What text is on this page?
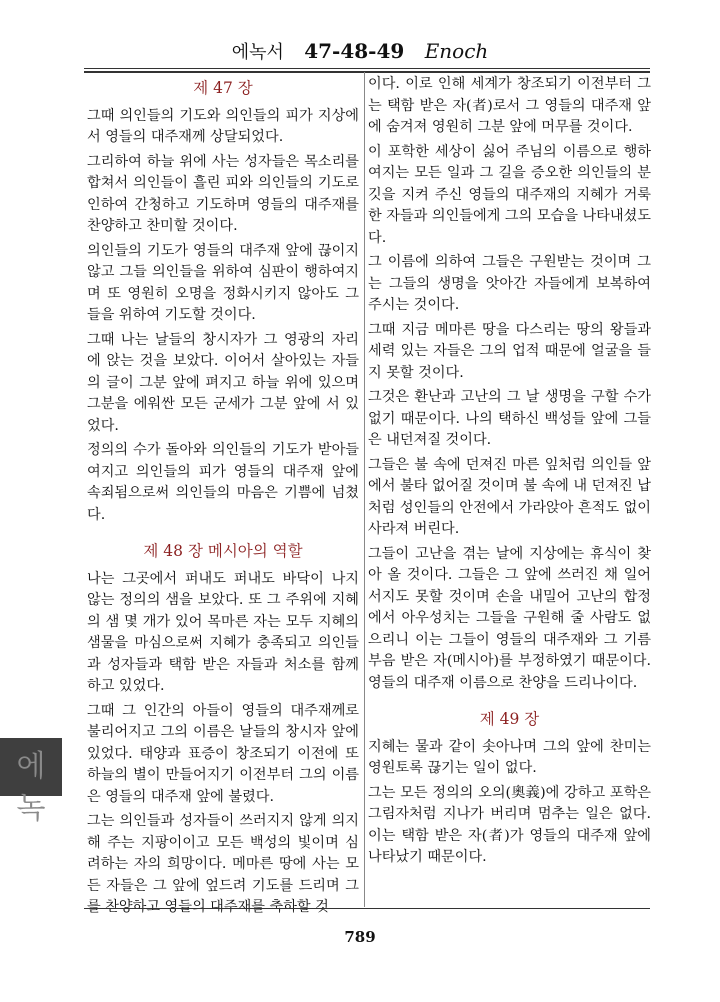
에녹서 47-48-49 Enoch
제 47 장

그때 의인들의 기도와 의인들의 피가 지상에서 영들의 대주재께 상달되었다.

그리하여 하늘 위에 사는 성자들은 목소리를 합쳐서 의인들이 흘린 피와 의인들의 기도로 인하여 간청하고 기도하며 영들의 대주재를 찬양하고 찬미할 것이다.

의인들의 기도가 영들의 대주재 앞에 끊이지 않고 그들 의인들을 위하여 심판이 행하여지며 또 영원히 오명을 정화시키지 않아도 그들을 위하여 기도할 것이다.

그때 나는 날들의 창시자가 그 영광의 자리에 앉는 것을 보았다. 이어서 살아있는 자들의 글이 그분 앞에 펴지고 하늘 위에 있으며 그분을 에워싼 모든 군세가 그분 앞에 서 있었다.

정의의 수가 돌아와 의인들의 기도가 받아들여지고 의인들의 피가 영들의 대주재 앞에 속죄됨으로써 의인들의 마음은 기쁨에 넘쳤다.

제 48 장 메시아의 역할

나는 그곳에서 퍼내도 퍼내도 바닥이 나지 않는 정의의 샘을 보았다. 또 그 주위에 지혜의 샘 몇 개가 있어 목마른 자는 모두 지혜의 샘물을 마심으로써 지혜가 충족되고 의인들과 성자들과 택함 받은 자들과 처소를 함께 하고 있었다.

그때 그 인간의 아들이 영들의 대주재께로 불리어지고 그의 이름은 날들의 창시자 앞에 있었다. 태양과 표증이 창조되기 이전에 또 하늘의 별이 만들어지기 이전부터 그의 이름은 영들의 대주재 앞에 불렸다.

그는 의인들과 성자들이 쓰러지지 않게 의지해 주는 지팡이이고 모든 백성의 빛이며 심려하는 자의 희망이다. 메마른 땅에 사는 모든 자들은 그 앞에 엎드려 기도를 드리며 그를 찬양하고 영들의 대주재를 축하할 것

이다. 이로 인해 세계가 창조되기 이전부터 그는 택함 받은 자(者)로서 그 영들의 대주재 앞에 숨겨져 영원히 그분 앞에 머무를 것이다.

이 포학한 세상이 싫어 주님의 이름으로 행하여지는 모든 일과 그 길을 증오한 의인들의 분깃을 지켜 주신 영들의 대주재의 지혜가 거룩한 자들과 의인들에게 그의 모습을 나타내셨도다.

그 이름에 의하여 그들은 구원받는 것이며 그는 그들의 생명을 앗아간 자들에게 보복하여 주시는 것이다.

그때 지금 메마른 땅을 다스리는 땅의 왕들과 세력 있는 자들은 그의 업적 때문에 얼굴을 들지 못할 것이다.

그것은 환난과 고난의 그 날 생명을 구할 수가 없기 때문이다. 나의 택하신 백성들 앞에 그들은 내던져질 것이다.

그들은 불 속에 던져진 마른 잎처럼 의인들 앞에서 불타 없어질 것이며 불 속에 내 던져진 납처럼 성인들의 안전에서 가라앉아 흔적도 없이 사라져 버린다.

그들이 고난을 겪는 날에 지상에는 휴식이 찾아 올 것이다. 그들은 그 앞에 쓰러진 채 일어서지도 못할 것이며 손을 내밀어 고난의 합정에서 아우성치는 그들을 구원해 줄 사람도 없으리니 이는 그들이 영들의 대주재와 그 기름 부음 받은 자(메시아)를 부정하였기 때문이다. 영들의 대주재 이름으로 찬양을 드리나이다.

제 49 장

지혜는 물과 같이 솟아나며 그의 앞에 찬미는 영원토록 끊기는 일이 없다.

그는 모든 정의의 오의(奧義)에 강하고 포학은 그림자처럼 지나가 버리며 멈추는 일은 없다. 이는 택함 받은 자(者)가 영들의 대주재 앞에 나타났기 때문이다.

에녹
789
